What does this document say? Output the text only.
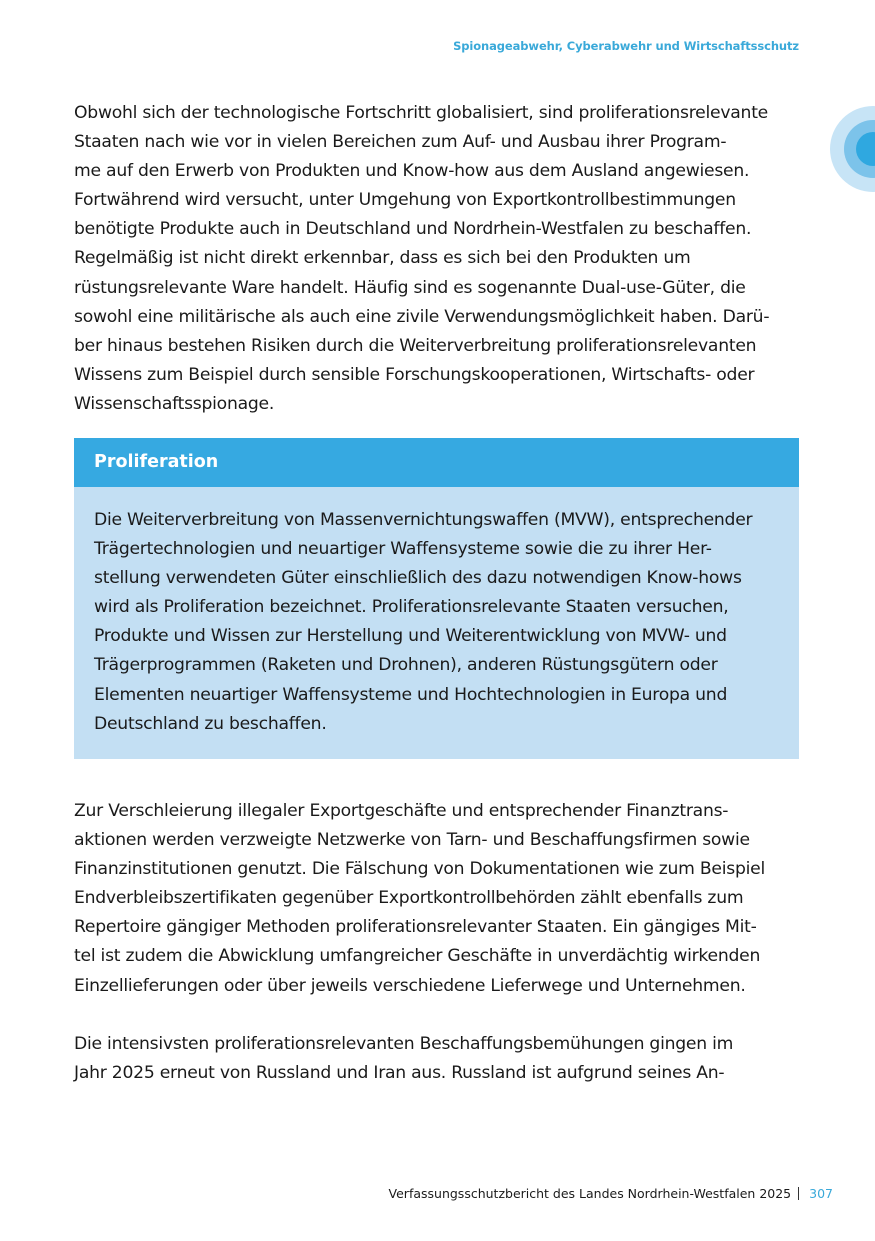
Spionageabwehr, Cyberabwehr und Wirtschaftsschutz

Obwohl sich der technologische Fortschritt globalisiert, sind proliferationsrelevante
Staaten nach wie vor in vielen Bereichen zum Auf- und Ausbau ihrer Program-
me auf den Erwerb von Produkten und Know-how aus dem Ausland angewiesen.
Fortwährend wird versucht, unter Umgehung von Exportkontrollbestimmungen
benötigte Produkte auch in Deutschland und Nordrhein-Westfalen zu beschaffen.
Regelmäßig ist nicht direkt erkennbar, dass es sich bei den Produkten um
rüstungsrelevante Ware handelt. Häufig sind es sogenannte Dual-use-Güter, die
sowohl eine militärische als auch eine zivile Verwendungsmöglichkeit haben. Darü-
ber hinaus bestehen Risiken durch die Weiterverbreitung proliferationsrelevanten
Wissens zum Beispiel durch sensible Forschungskooperationen, Wirtschafts- oder
Wissenschaftsspionage.

Proliferation
Die Weiterverbreitung von Massenvernichtungswaffen (MVW), entsprechender
Trägertechnologien und neuartiger Waffensysteme sowie die zu ihrer Her-
stellung verwendeten Güter einschließlich des dazu notwendigen Know-hows
wird als Proliferation bezeichnet. Proliferationsrelevante Staaten versuchen,
Produkte und Wissen zur Herstellung und Weiterentwicklung von MVW- und
Trägerprogrammen (Raketen und Drohnen), anderen Rüstungsgütern oder
Elementen neuartiger Waffensysteme und Hochtechnologien in Europa und
Deutschland zu beschaffen.

Zur Verschleierung illegaler Exportgeschäfte und entsprechender Finanztrans-
aktionen werden verzweigte Netzwerke von Tarn- und Beschaffungsfirmen sowie
Finanzinstitutionen genutzt. Die Fälschung von Dokumentationen wie zum Beispiel
Endverbleibszertifikaten gegenüber Exportkontrollbehörden zählt ebenfalls zum
Repertoire gängiger Methoden proliferationsrelevanter Staaten. Ein gängiges Mit-
tel ist zudem die Abwicklung umfangreicher Geschäfte in unverdächtig wirkenden
Einzellieferungen oder über jeweils verschiedene Lieferwege und Unternehmen.

Die intensivsten proliferationsrelevanten Beschaffungsbemühungen gingen im
Jahr 2025 erneut von Russland und Iran aus. Russland ist aufgrund seines An-

Verfassungsschutzbericht des Landes Nordrhein-Westfalen 2025 307
